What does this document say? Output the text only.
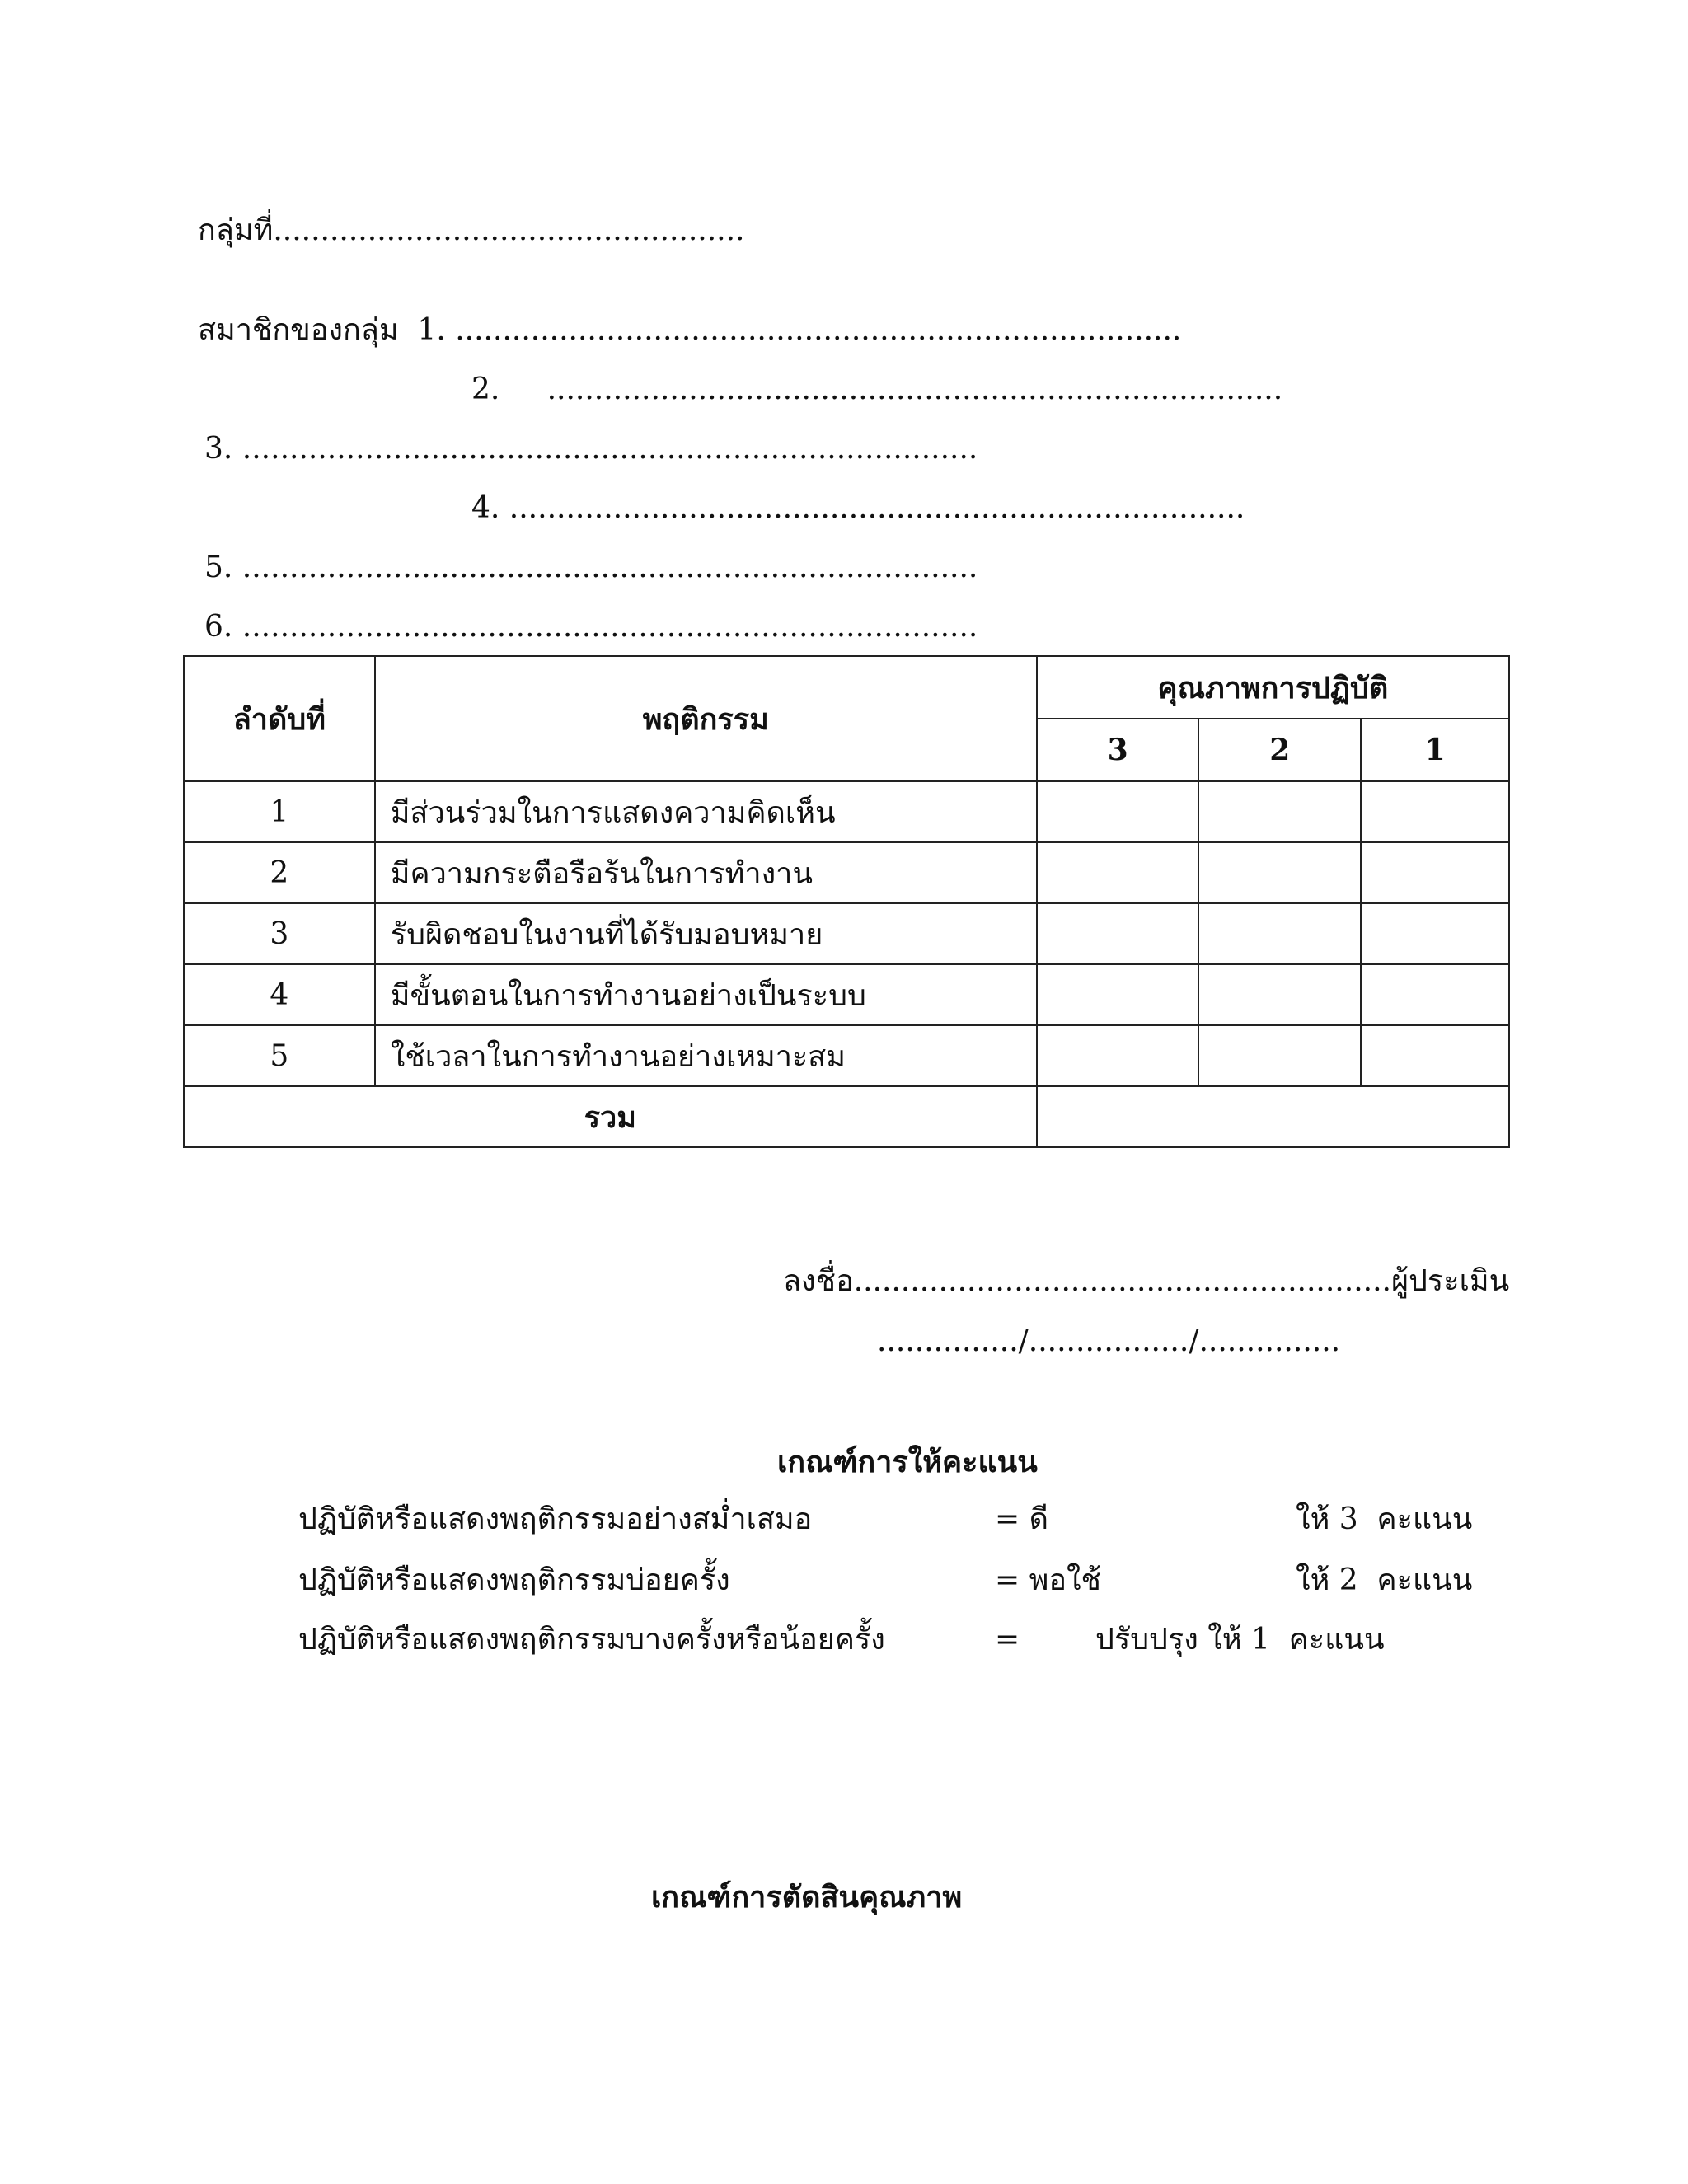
กลุ่มที่..................................................
สมาชิกของกลุ่ม  1. .............................................................................
2.     ..............................................................................
3. ..............................................................................
4. ..............................................................................
5. ..............................................................................
6. ..............................................................................
ลำดับที่	พฤติกรรม	คุณภาพการปฏิบัติ		
		3	2	1
1	มีส่วนร่วมในการแสดงความคิดเห็น			
2	มีความกระตือรือร้นในการทำงาน			
3	รับผิดชอบในงานที่ได้รับมอบหมาย			
4	มีขั้นตอนในการทำงานอย่างเป็นระบบ			
5	ใช้เวลาในการทำงานอย่างเหมาะสม			
รวม				
ลงชื่อ.........................................................ผู้ประเมิน
.............../................./...............
เกณฑ์การให้คะแนน
ปฏิบัติหรือแสดงพฤติกรรมอย่างสม่ำเสมอ	= ดี	ให้ 3  คะแนน
ปฏิบัติหรือแสดงพฤติกรรมบ่อยครั้ง	= พอใช้	ให้ 2  คะแนน
ปฏิบัติหรือแสดงพฤติกรรมบางครั้งหรือน้อยครั้ง	=	ปรับปรุง ให้ 1  คะแนน
เกณฑ์การตัดสินคุณภาพ
